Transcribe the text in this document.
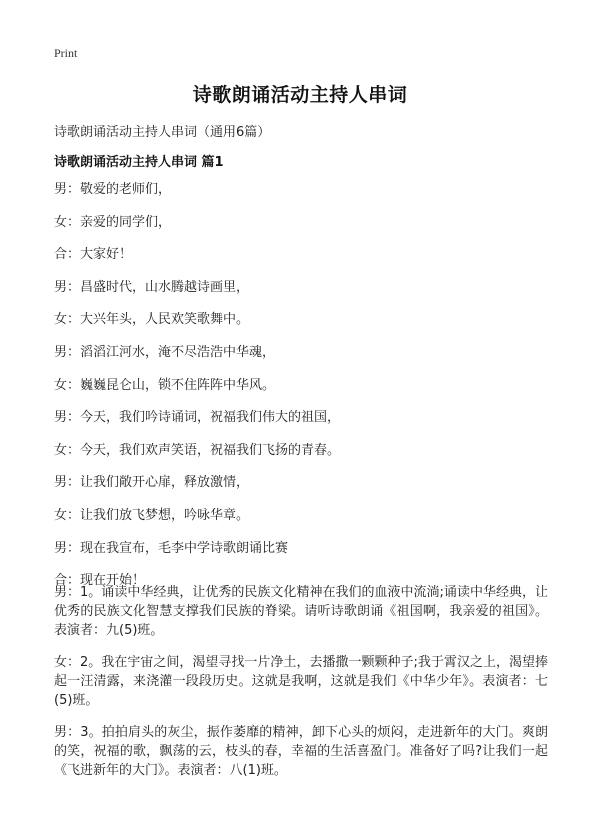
Print
诗歌朗诵活动主持人串词
诗歌朗诵活动主持人串词（通用6篇）
诗歌朗诵活动主持人串词 篇1
男：敬爱的老师们，
女：亲爱的同学们，
合：大家好！
男：昌盛时代，山水腾越诗画里，
女：大兴年头，人民欢笑歌舞中。
男：滔滔江河水，淹不尽浩浩中华魂，
女：巍巍昆仑山，锁不住阵阵中华风。
男：今天，我们吟诗诵词，祝福我们伟大的祖国，
女：今天，我们欢声笑语，祝福我们飞扬的青春。
男：让我们敞开心扉，释放激情，
女：让我们放飞梦想，吟咏华章。
男：现在我宣布，毛李中学诗歌朗诵比赛
合：现在开始！

男：1。诵读中华经典，让优秀的民族文化精神在我们的血液中流淌;诵读中华经典，让优秀的民族文化智慧支撑我们民族的脊梁。请听诗歌朗诵《祖国啊，我亲爱的祖国》。表演者：九(5)班。

女：2。我在宇宙之间，渴望寻找一片净土，去播撒一颗颗种子;我于霄汉之上，渴望捧起一汪清露，来浇灌一段段历史。这就是我啊，这就是我们《中华少年》。表演者：七(5)班。

男：3。拍拍肩头的灰尘，振作萎靡的精神，卸下心头的烦闷，走进新年的大门。爽朗的笑，祝福的歌，飘荡的云，枝头的春，幸福的生活喜盈门。准备好了吗?让我们一起《飞进新年的大门》。表演者：八(1)班。
